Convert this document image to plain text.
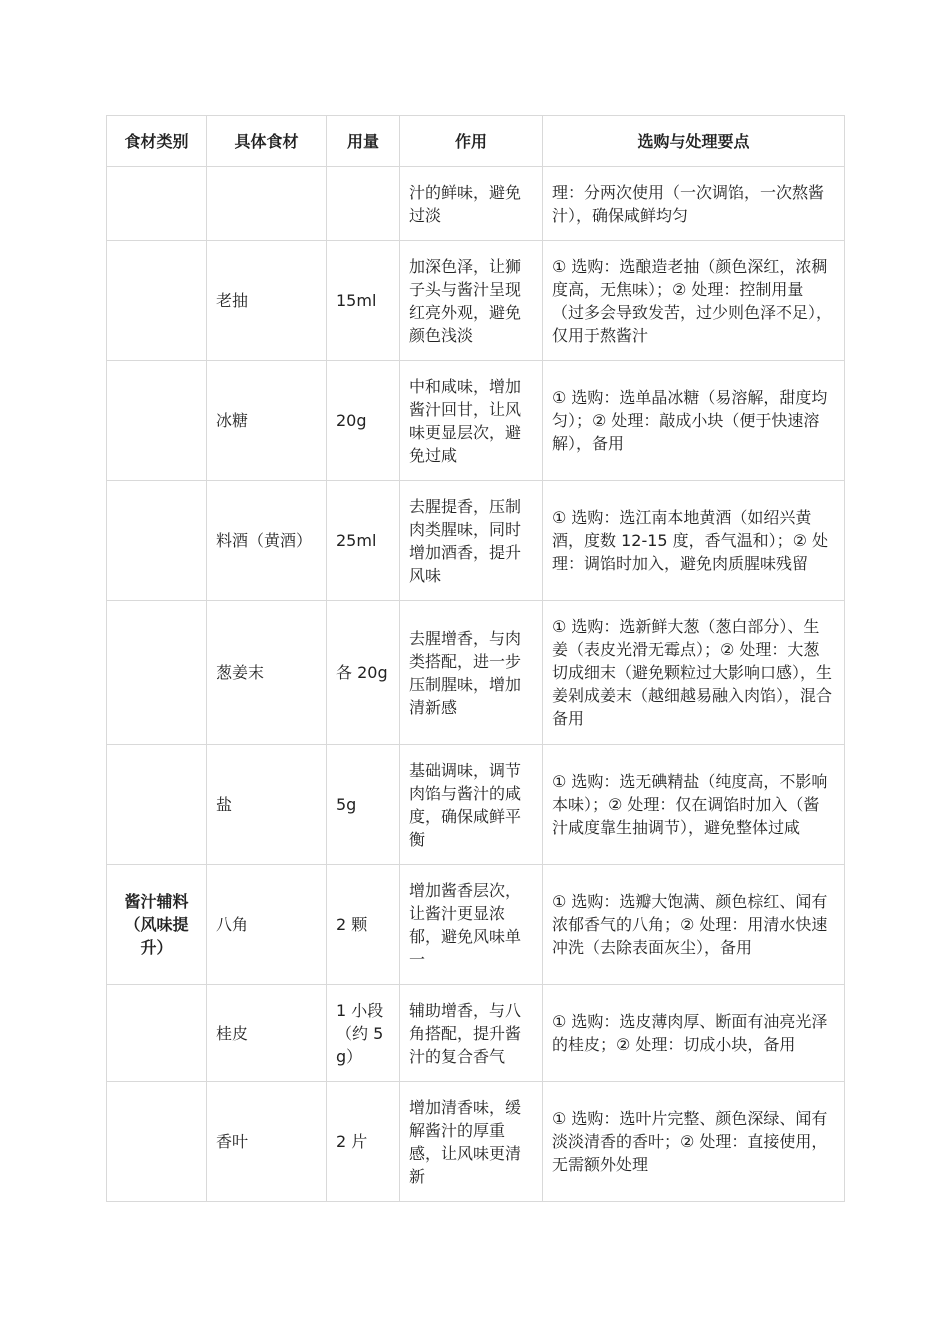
食材类别	具体食材	用量	作用	选购与处理要点
			汁的鲜味，避免过淡	理：分两次使用（一次调馅，一次熬酱汁），确保咸鲜均匀
	老抽	15ml	加深色泽，让狮子头与酱汁呈现红亮外观，避免颜色浅淡	① 选购：选酿造老抽（颜色深红，浓稠度高，无焦味）；② 处理：控制用量（过多会导致发苦，过少则色泽不足），仅用于熬酱汁
	冰糖	20g	中和咸味，增加酱汁回甘，让风味更显层次，避免过咸	① 选购：选单晶冰糖（易溶解，甜度均匀）；② 处理：敲成小块（便于快速溶解），备用
	料酒（黄酒）	25ml	去腥提香，压制肉类腥味，同时增加酒香，提升风味	① 选购：选江南本地黄酒（如绍兴黄酒，度数 12-15 度，香气温和）；② 处理：调馅时加入，避免肉质腥味残留
	葱姜末	各 20g	去腥增香，与肉类搭配，进一步压制腥味，增加清新感	① 选购：选新鲜大葱（葱白部分）、生姜（表皮光滑无霉点）；② 处理：大葱切成细末（避免颗粒过大影响口感），生姜剁成姜末（越细越易融入肉馅），混合备用
	盐	5g	基础调味，调节肉馅与酱汁的咸度，确保咸鲜平衡	① 选购：选无碘精盐（纯度高，不影响本味）；② 处理：仅在调馅时加入（酱汁咸度靠生抽调节），避免整体过咸
酱汁辅料（风味提升）	八角	2 颗	增加酱香层次，让酱汁更显浓郁，避免风味单一	① 选购：选瓣大饱满、颜色棕红、闻有浓郁香气的八角；② 处理：用清水快速冲洗（去除表面灰尘），备用
	桂皮	1 小段（约 5g）	辅助增香，与八角搭配，提升酱汁的复合香气	① 选购：选皮薄肉厚、断面有油亮光泽的桂皮；② 处理：切成小块，备用
	香叶	2 片	增加清香味，缓解酱汁的厚重感，让风味更清新	① 选购：选叶片完整、颜色深绿、闻有淡淡清香的香叶；② 处理：直接使用，无需额外处理
